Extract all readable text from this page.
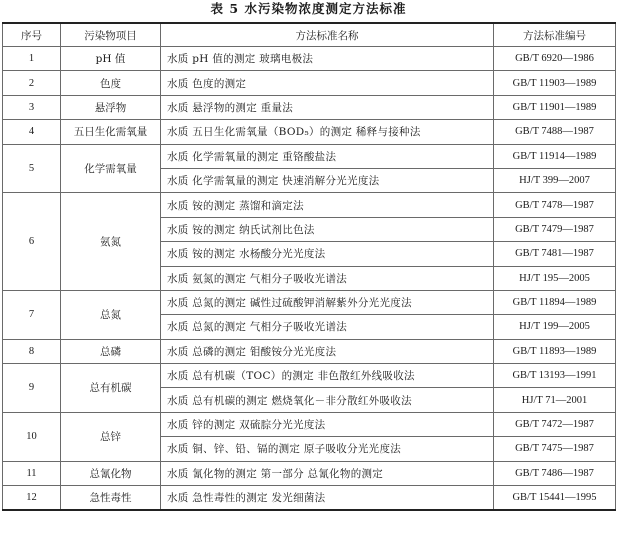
表 5 水污染物浓度测定方法标准
序号	污染物项目	方法标准名称	方法标准编号
1	pH 值	水质 pH 值的测定 玻璃电极法	GB/T 6920—1986
2	色度	水质 色度的测定	GB/T 11903—1989
3	悬浮物	水质 悬浮物的测定 重量法	GB/T 11901—1989
4	五日生化需氧量	水质 五日生化需氧量（BOD₅）的测定 稀释与接种法	GB/T 7488—1987
5	化学需氧量	水质 化学需氧量的测定 重铬酸盐法	GB/T 11914—1989
		水质 化学需氧量的测定 快速消解分光光度法	HJ/T 399—2007
6	氨氮	水质 铵的测定 蒸馏和滴定法	GB/T 7478—1987
		水质 铵的测定 纳氏试剂比色法	GB/T 7479—1987
		水质 铵的测定 水杨酸分光光度法	GB/T 7481—1987
		水质 氨氮的测定 气相分子吸收光谱法	HJ/T 195—2005
7	总氮	水质 总氮的测定 碱性过硫酸钾消解紫外分光光度法	GB/T 11894—1989
		水质 总氮的测定 气相分子吸收光谱法	HJ/T 199—2005
8	总磷	水质 总磷的测定 钼酸铵分光光度法	GB/T 11893—1989
9	总有机碳	水质 总有机碳（TOC）的测定 非色散红外线吸收法	GB/T 13193—1991
		水质 总有机碳的测定 燃烧氧化－非分散红外吸收法	HJ/T 71—2001
10	总锌	水质 锌的测定 双硫腙分光光度法	GB/T 7472—1987
		水质 铜、锌、铅、镉的测定 原子吸收分光光度法	GB/T 7475—1987
11	总氰化物	水质 氰化物的测定 第一部分 总氰化物的测定	GB/T 7486—1987
12	急性毒性	水质 急性毒性的测定 发光细菌法	GB/T 15441—1995
